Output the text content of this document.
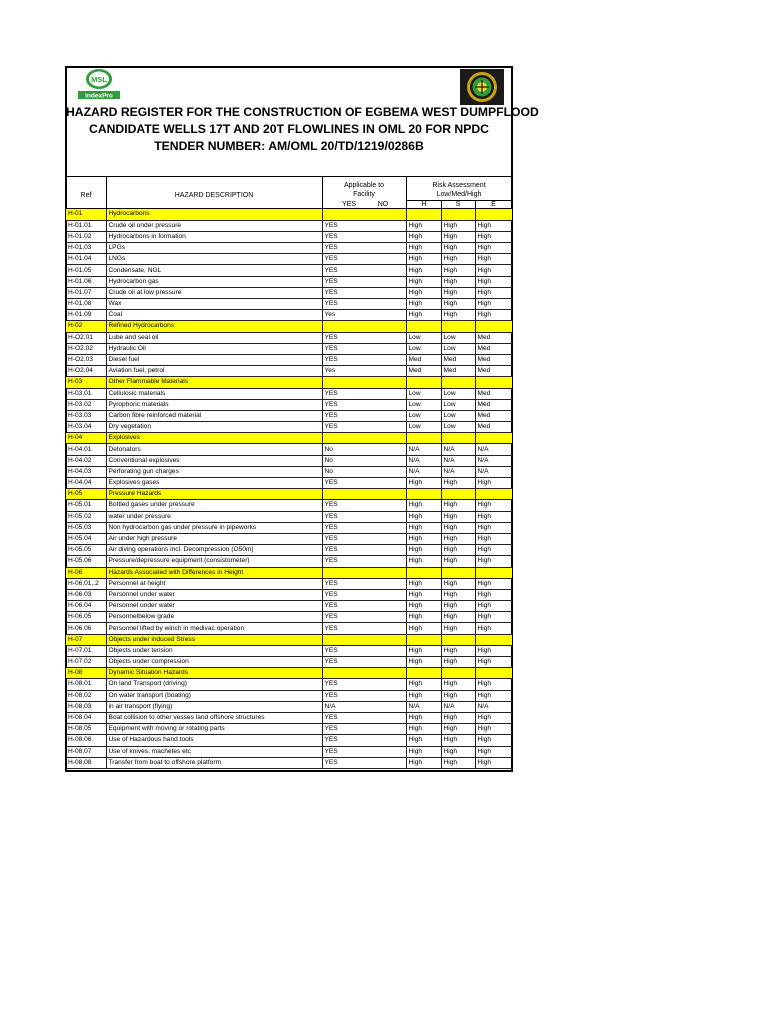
MSL
indexPro
HAZARD REGISTER FOR THE CONSTRUCTION OF EGBEMA WEST DUMPFLOOD
CANDIDATE WELLS 17T AND 20T FLOWLINES IN OML 20 FOR NPDC
TENDER NUMBER: AM/OML 20/TD/1219/0286B
Ref	HAZARD DESCRIPTION
Applicable to Facility
YES	NO
Risk Assessment
Low/Med/High
H	S	E
H-01	Hydrocarbons				
H-01.01	Crude oil under pressure	YES	High	High	High
H-01.02	Hydrocarbons in formation	YES	High	High	High
H-01.03	LPGs	YES	High	High	High
H-01.04	LNGs	YES	High	High	High
H-01.05	Condensate, NGL	YES	High	High	High
H-01.06	Hydrocarbon gas	YES	High	High	High
H-01.07	Crude oil at low pressure	YES	High	High	High
H-01.08	Wax	YES	High	High	High
H-01.09	Coal	Yes	High	High	High
H-02	Refined Hydrocarbons				
H-O2.01	Lube and seal oil	YES	Low	Low	Med
H-O2.02	Hydraulic Oil	YES	Low	Low	Med
H-O2.03	Diesel fuel	YES	Med	Med	Med
H-O2.04	Aviation fuel, petrol	Yes	Med	Med	Med
H-03	Other Flammable Materials				
H-03.01	Cellulosic materials	YES	Low	Low	Med
H-03.02	Pyrophoric materials	YES	Low	Low	Med
H-03.03	Carbon fibre reinforced material	YES	Low	Low	Med
H-03.04	Dry vegetation	YES	Low	Low	Med
H-04	Explosives				
H-04.01	Detonators	No	N/A	N/A	N/A
H-04.02	Conventional explosives	No	N/A	N/A	N/A
H-04.03	Perforating gun charges	No	N/A	N/A	N/A
H-04.04	Explosives gases	YES	High	High	High
H-05	Pressure Hazards				
H-05.01	Bottled gases under pressure	YES	High	High	High
H-05.02	water under pressure	YES	High	High	High
H-05.03	Non hydrocarbon gas under pressure in pipeworks	YES	High	High	High
H-05.04	Air under high pressure	YES	High	High	High
H-05.05	Air diving operations incl. Decompression (O50m)	YES	High	High	High
H-05.06	Pressure/depressure equipment (consistometer)	YES	High	High	High
H-06	Hazards Associated with Differences in Height				
H-06.01,.2	Personnel at height	YES	High	High	High
H-06.03	Personnel under water	YES	High	High	High
H-06.04	Personnel under water	YES	High	High	High
H-06.05	Personnelbelow grade	YES	High	High	High
H-06.06	Personnel lifted by winch in medivac operation	YES	High	High	High
H-07	Objects under induced Stress				
H-07.01	Objects under tension	YES	High	High	High
H-07.02	Objects under compression	YES	High	High	High
H-08	Dynamic Situation Hazards				
H-08.01	On land Transport (driving)	YES	High	High	High
H-08.02	On water transport (boating)	YES	High	High	High
H-08.03	in air transport (flying)	N/A	N/A	N/A	N/A
H-08.04	Boat collision to other vesses land offshore structures	YES	High	High	High
H-08.05	Equipment with moving or rotating parts	YES	High	High	High
H-08.06	Use of Hazardous hand tools	YES	High	High	High
H-08.07	Use of knives, machetes etc	YES	High	High	High
H-08.08	Transfer from boat to offshore platform	YES	High	High	High
